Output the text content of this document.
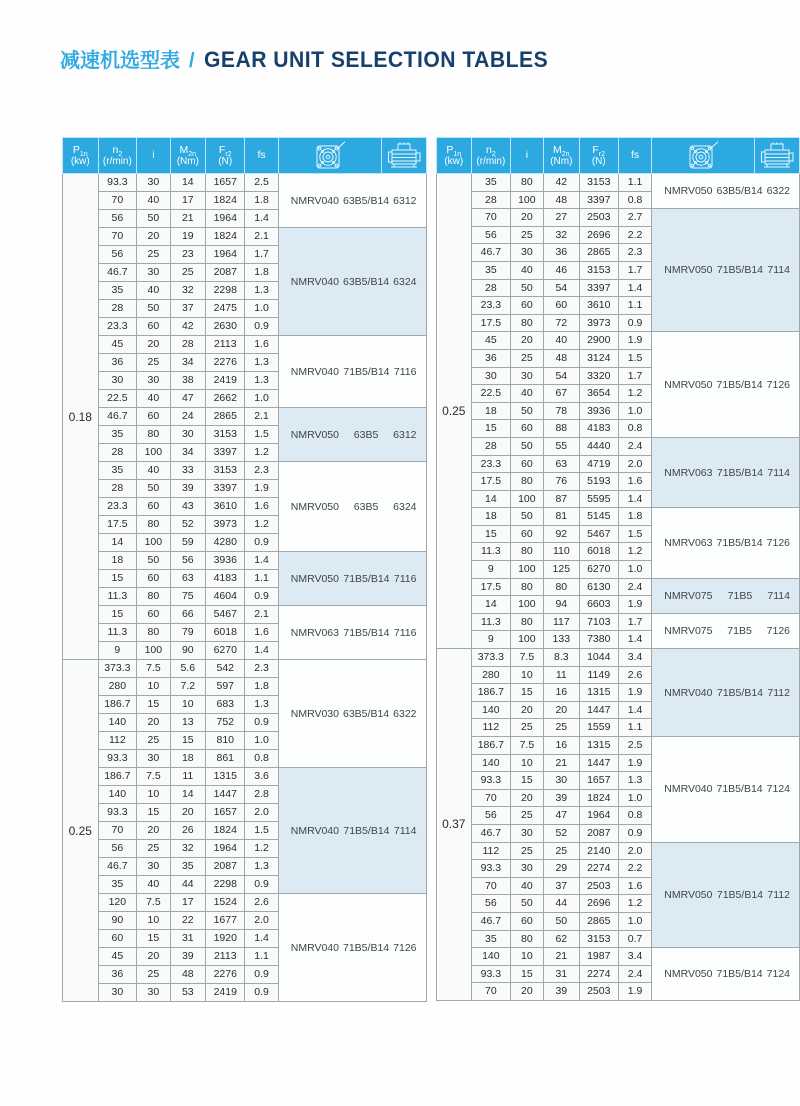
减速机选型表 / GEAR UNIT SELECTION TABLES
$P_{1n}$
(kw)

$n_2$
(r/min)	i	$M_{2n}$
(Nm)

$F_{r2}$
(N)	fs

0.18	93.3	30	14	1657	2.5	NMRV040 63B5/B14 6312	

	70	40	17	1824	1.8		
	56	50	21	1964	1.4		
	70	20	19	1824	2.1	NMRV040 63B5/B14 6324	

	56	25	23	1964	1.7		
	46.7	30	25	2087	1.8		
	35	40	32	2298	1.3		
	28	50	37	2475	1.0		
	23.3	60	42	2630	0.9		
	45	20	28	2113	1.6	NMRV040 71B5/B14 7116	

	36	25	34	2276	1.3		
	30	30	38	2419	1.3		
	22.5	40	47	2662	1.0		
	46.7	60	24	2865	2.1	NMRV050 63B5 6312	

	35	80	30	3153	1.5		
	28	100	34	3397	1.2		
	35	40	33	3153	2.3	NMRV050 63B5 6324	

	28	50	39	3397	1.9		
	23.3	60	43	3610	1.6		
	17.5	80	52	3973	1.2		
	14	100	59	4280	0.9		
	18	50	56	3936	1.4	NMRV050 71B5/B14 7116	

	15	60	63	4183	1.1		
	11.3	80	75	4604	0.9		
	15	60	66	5467	2.1	NMRV063 71B5/B14 7116	

	11.3	80	79	6018	1.6		
	9	100	90	6270	1.4		
0.25	373.3	7.5	5.6	542	2.3	NMRV030 63B5/B14 6322	

	280	10	7.2	597	1.8		
	186.7	15	10	683	1.3		
	140	20	13	752	0.9		
	112	25	15	810	1.0		
	93.3	30	18	861	0.8		
	186.7	7.5	11	1315	3.6	NMRV040 71B5/B14 7114	

	140	10	14	1447	2.8		
	93.3	15	20	1657	2.0		
	70	20	26	1824	1.5		
	56	25	32	1964	1.2		
	46.7	30	35	2087	1.3		
	35	40	44	2298	0.9		
	120	7.5	17	1524	2.6	NMRV040 71B5/B14 7126	

	90	10	22	1677	2.0		
	60	15	31	1920	1.4		
	45	20	39	2113	1.1		
	36	25	48	2276	0.9		
	30	30	53	2419	0.9		
$P_{1n}$
(kw)

$n_2$
(r/min)	i	$M_{2n}$
(Nm)

$F_{r2}$
(N)	fs

0.25	35	80	42	3153	1.1	NMRV050 63B5/B14 6322	

	28	100	48	3397	0.8		
	70	20	27	2503	2.7	NMRV050 71B5/B14 7114	

	56	25	32	2696	2.2		
	46.7	30	36	2865	2.3		
	35	40	46	3153	1.7		
	28	50	54	3397	1.4		
	23.3	60	60	3610	1.1		
	17.5	80	72	3973	0.9		
	45	20	40	2900	1.9	NMRV050 71B5/B14 7126	

	36	25	48	3124	1.5		
	30	30	54	3320	1.7		
	22.5	40	67	3654	1.2		
	18	50	78	3936	1.0		
	15	60	88	4183	0.8		
	28	50	55	4440	2.4	NMRV063 71B5/B14 7114	

	23.3	60	63	4719	2.0		
	17.5	80	76	5193	1.6		
	14	100	87	5595	1.4		
	18	50	81	5145	1.8	NMRV063 71B5/B14 7126	

	15	60	92	5467	1.5		
	11.3	80	110	6018	1.2		
	9	100	125	6270	1.0		
	17.5	80	80	6130	2.4	NMRV075 71B5 7114	

	14	100	94	6603	1.9		
	11.3	80	117	7103	1.7	NMRV075 71B5 7126	

	9	100	133	7380	1.4		
0.37	373.3	7.5	8.3	1044	3.4	NMRV040 71B5/B14 7112	

	280	10	11	1149	2.6		
	186.7	15	16	1315	1.9		
	140	20	20	1447	1.4		
	112	25	25	1559	1.1		
	186.7	7.5	16	1315	2.5	NMRV040 71B5/B14 7124	

	140	10	21	1447	1.9		
	93.3	15	30	1657	1.3		
	70	20	39	1824	1.0		
	56	25	47	1964	0.8		
	46.7	30	52	2087	0.9		
	112	25	25	2140	2.0	NMRV050 71B5/B14 7112	

	93.3	30	29	2274	2.2		
	70	40	37	2503	1.6		
	56	50	44	2696	1.2		
	46.7	60	50	2865	1.0		
	35	80	62	3153	0.7		
	140	10	21	1987	3.4	NMRV050 71B5/B14 7124	

	93.3	15	31	2274	2.4		
	70	20	39	2503	1.9		
